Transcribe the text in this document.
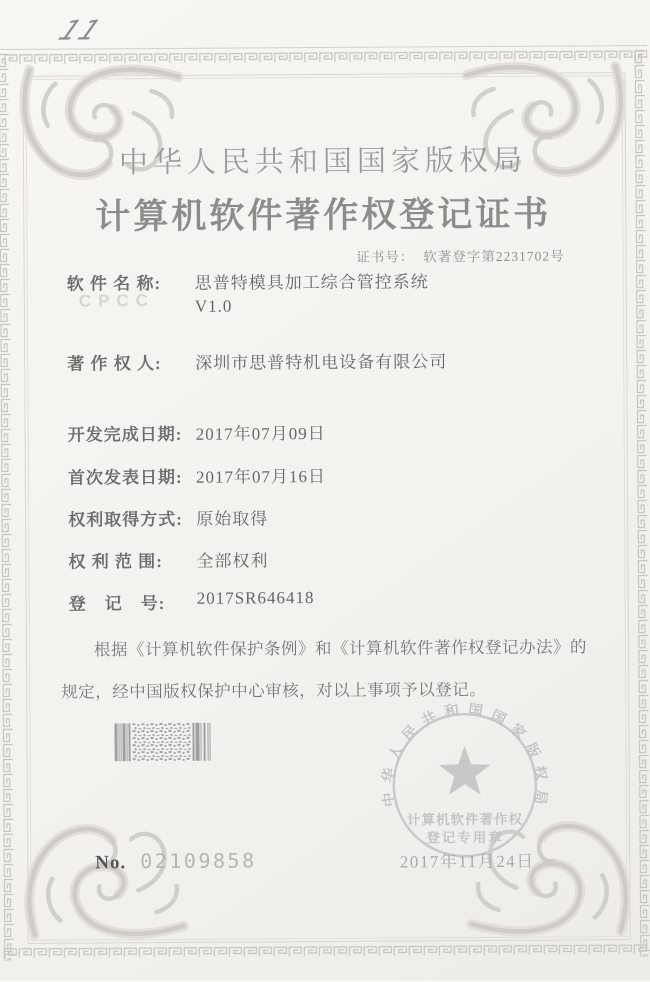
11
中华人民共和国国家版权局
计算机软件著作权登记证书
证书号： 软著登字第2231702号
CPCC
软 件 名 称: 思普特模具加工综合管控系统
V1.0
著 作 权 人: 深圳市思普特机电设备有限公司
开发完成日期: 2017年07月09日
首次发表日期: 2017年07月16日
权利取得方式: 原始取得
权 利 范 围: 全部权利
登　记　号: 2017SR646418
根据《计算机软件保护条例》和《计算机软件著作权登记办法》的
规定，经中国版权保护中心审核，对以上事项予以登记。
中华人民共和国国家版权局
计算机软件著作权
登记专用章
2017年11月24日
No. 02109858
